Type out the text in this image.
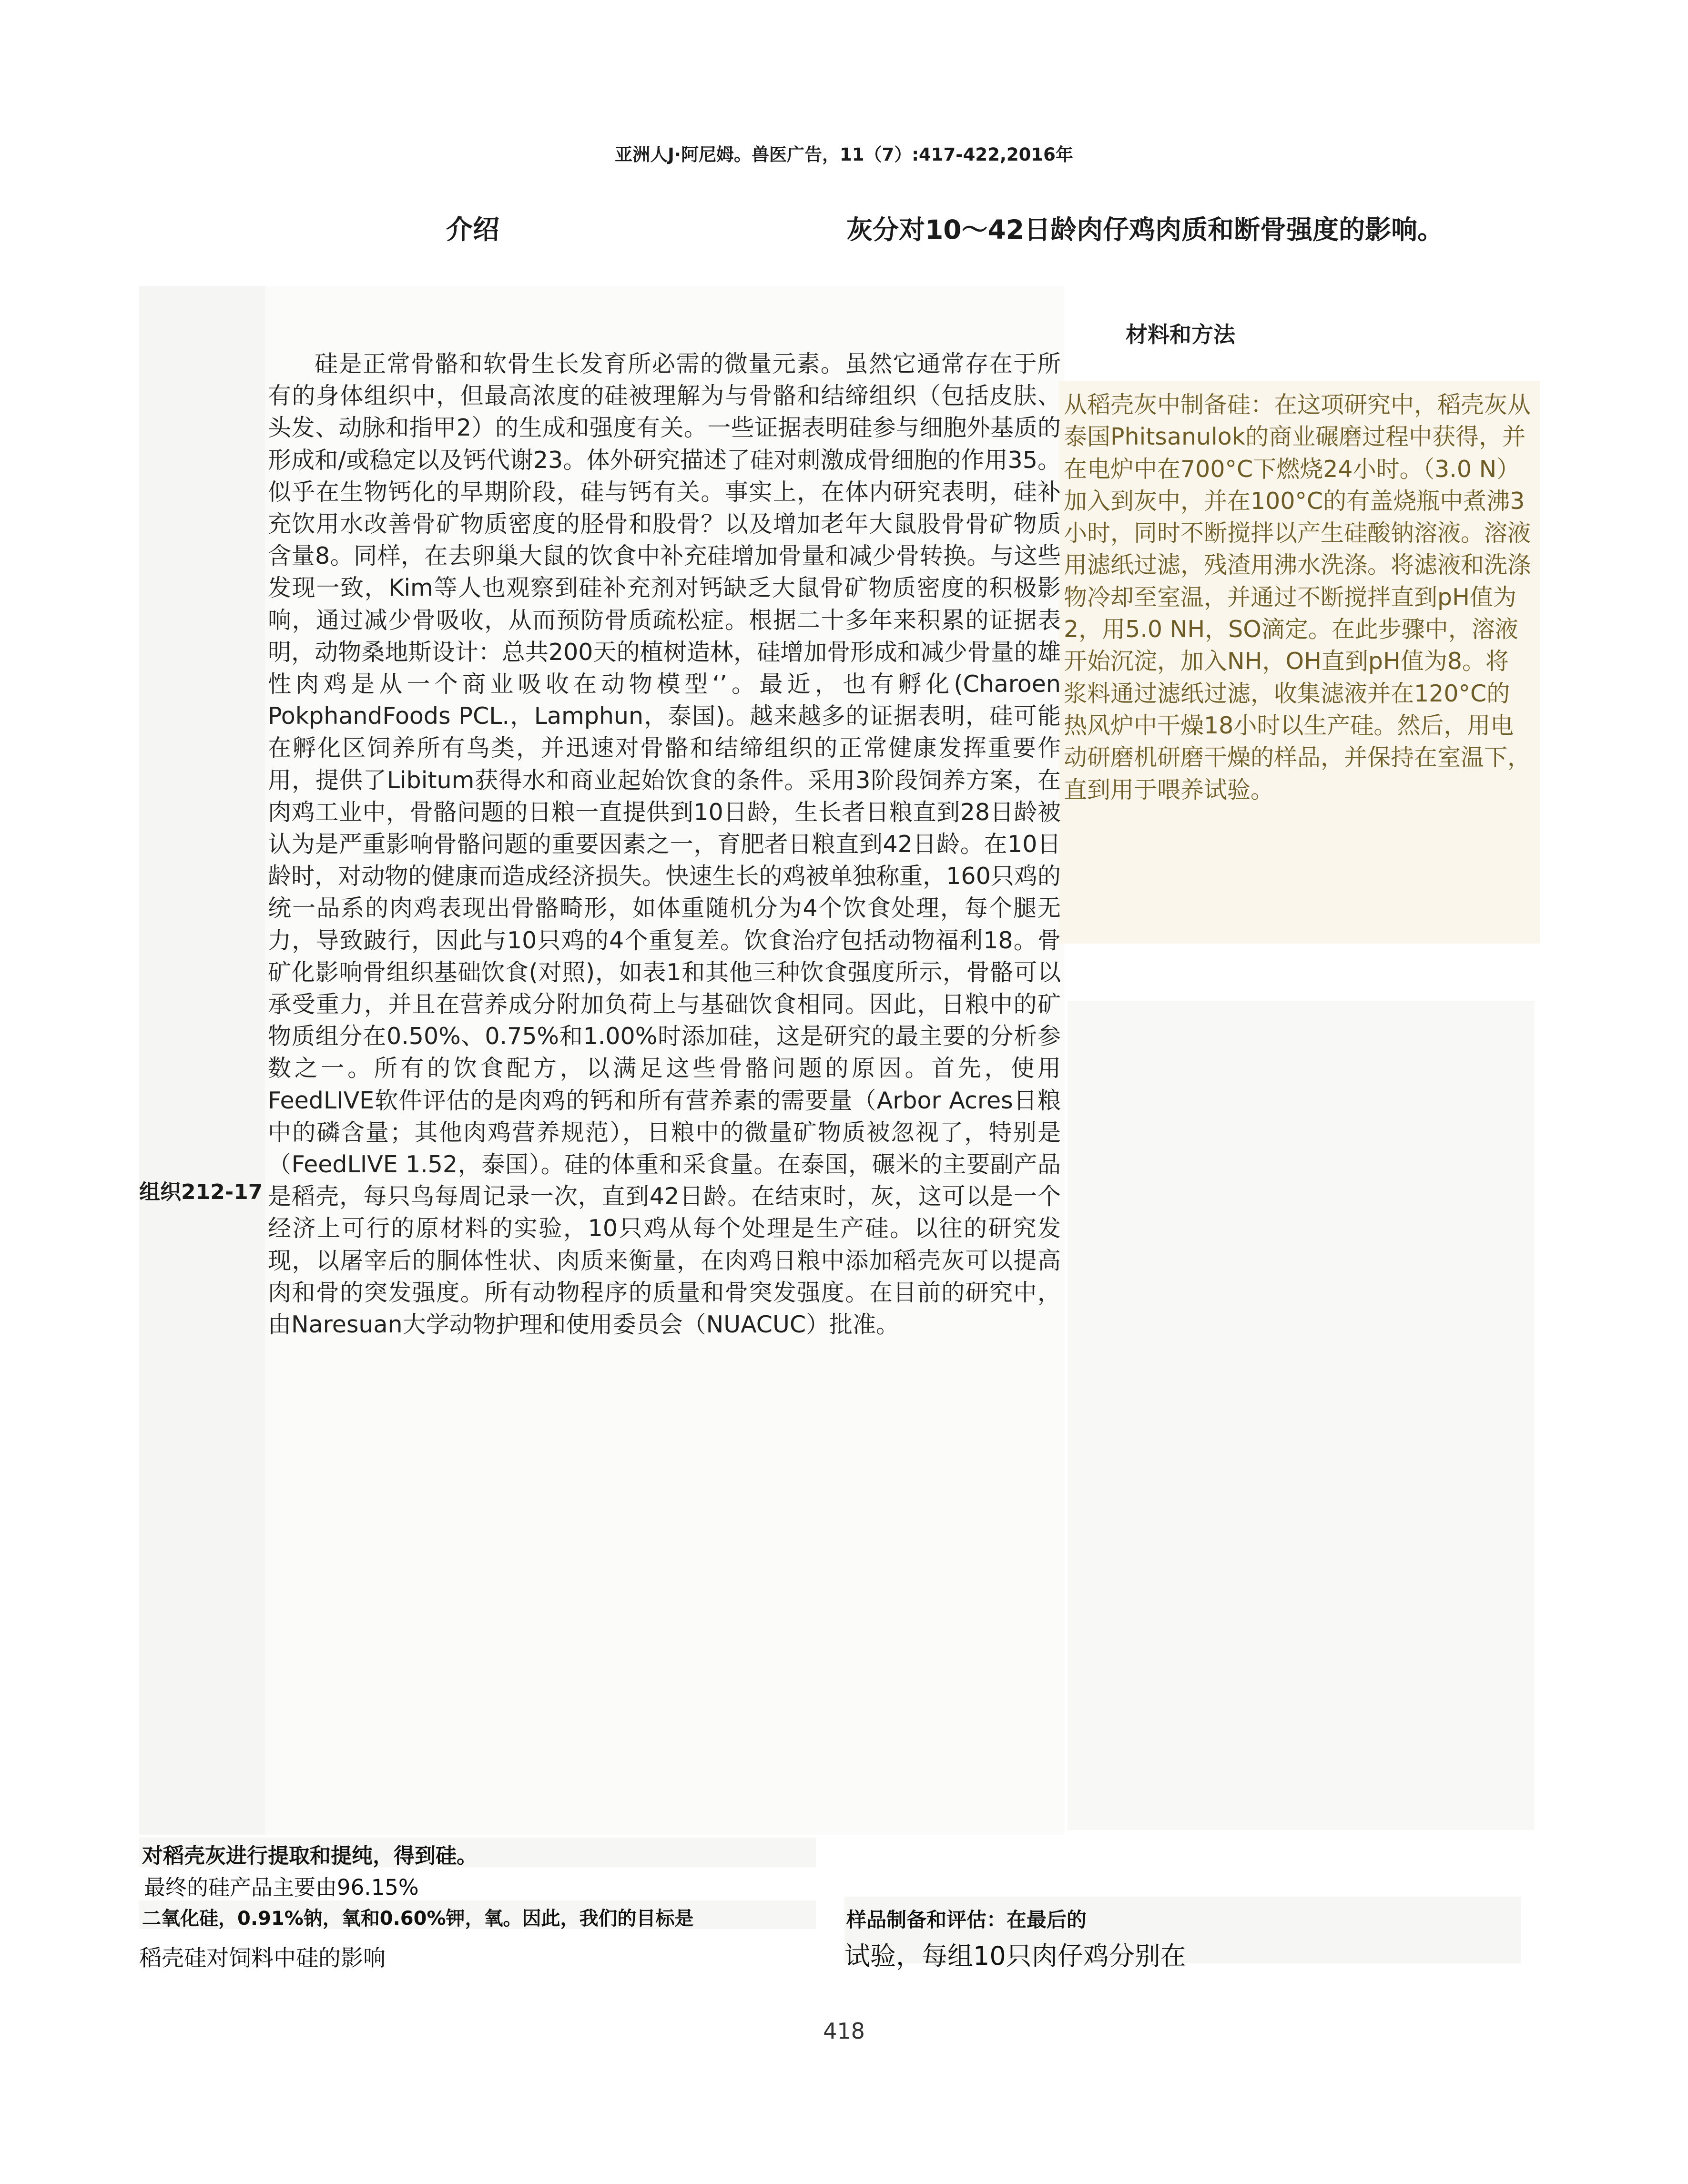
亚洲人J·阿尼姆。兽医广告，11（7）:417-422,2016年
介绍	灰分对10～42日龄肉仔鸡肉质和断骨强度的影响。
材料和方法
硅是正常骨骼和软骨生长发育所必需的微量元素。虽然它通常存在于所有的身体组织中，但最高浓度的硅被理解为与骨骼和结缔组织（包括皮肤、头发、动脉和指甲2）的生成和强度有关。一些证据表明硅参与细胞外基质的形成和/或稳定以及钙代谢23。体外研究描述了硅对刺激成骨细胞的作用35。似乎在生物钙化的早期阶段，硅与钙有关。事实上，在体内研究表明，硅补充饮用水改善骨矿物质密度的胫骨和股骨？以及增加老年大鼠股骨骨矿物质含量8。同样，在去卵巢大鼠的饮食中补充硅增加骨量和减少骨转换。与这些发现一致，Kim等人也观察到硅补充剂对钙缺乏大鼠骨矿物质密度的积极影响，通过减少骨吸收，从而预防骨质疏松症。根据二十多年来积累的证据表明，动物桑地斯设计：总共200天的植树造林，硅增加骨形成和减少骨量的雄性肉鸡是从一个商业吸收在动物模型‘’。最近，也有孵化(Charoen PokphandFoods PCL.，Lamphun，泰国)。越来越多的证据表明，硅可能在孵化区饲养所有鸟类，并迅速对骨骼和结缔组织的正常健康发挥重要作用，提供了Libitum获得水和商业起始饮食的条件。采用3阶段饲养方案，在肉鸡工业中，骨骼问题的日粮一直提供到10日龄，生长者日粮直到28日龄被认为是严重影响骨骼问题的重要因素之一，育肥者日粮直到42日龄。在10日龄时，对动物的健康而造成经济损失。快速生长的鸡被单独称重，160只鸡的统一品系的肉鸡表现出骨骼畸形，如体重随机分为4个饮食处理，每个腿无力，导致跛行，因此与10只鸡的4个重复差。饮食治疗包括动物福利18。骨矿化影响骨组织基础饮食(对照)，如表1和其他三种饮食强度所示，骨骼可以承受重力，并且在营养成分附加负荷上与基础饮食相同。因此，日粮中的矿物质组分在0.50%、0.75%和1.00%时添加硅，这是研究的最主要的分析参数之一。所有的饮食配方，以满足这些骨骼问题的原因。首先，使用FeedLIVE软件评估的是肉鸡的钙和所有营养素的需要量（Arbor Acres日粮中的磷含量；其他肉鸡营养规范），日粮中的微量矿物质被忽视了，特别是（FeedLIVE 1.52，泰国）。硅的体重和采食量。在泰国，碾米的主要副产品是稻壳，每只鸟每周记录一次，直到42日龄。在结束时，灰，这可以是一个经济上可行的原材料的实验，10只鸡从每个处理是生产硅。以往的研究发现，以屠宰后的胴体性状、肉质来衡量，在肉鸡日粮中添加稻壳灰可以提高肉和骨的突发强度。所有动物程序的质量和骨突发强度。在目前的研究中，由Naresuan大学动物护理和使用委员会（NUACUC）批准。
组织212-17
从稻壳灰中制备硅：在这项研究中，稻壳灰从泰国Phitsanulok的商业碾磨过程中获得，并在电炉中在700°C下燃烧24小时。（3.0 N）加入到灰中，并在100°C的有盖烧瓶中煮沸3小时，同时不断搅拌以产生硅酸钠溶液。溶液用滤纸过滤，残渣用沸水洗涤。将滤液和洗涤物冷却至室温，并通过不断搅拌直到pH值为2，用5.0 NH，SO滴定。在此步骤中，溶液开始沉淀，加入NH，OH直到pH值为8。将浆料通过滤纸过滤，收集滤液并在120°C的热风炉中干燥18小时以生产硅。然后，用电动研磨机研磨干燥的样品，并保持在室温下，直到用于喂养试验。
对稻壳灰进行提取和提纯，得到硅。
最终的硅产品主要由96.15%
二氧化硅，0.91%钠，氧和0.60%钾，氧。因此，我们的目标是
稻壳硅对饲料中硅的影响
样品制备和评估：在最后的
试验，每组10只肉仔鸡分别在
418
